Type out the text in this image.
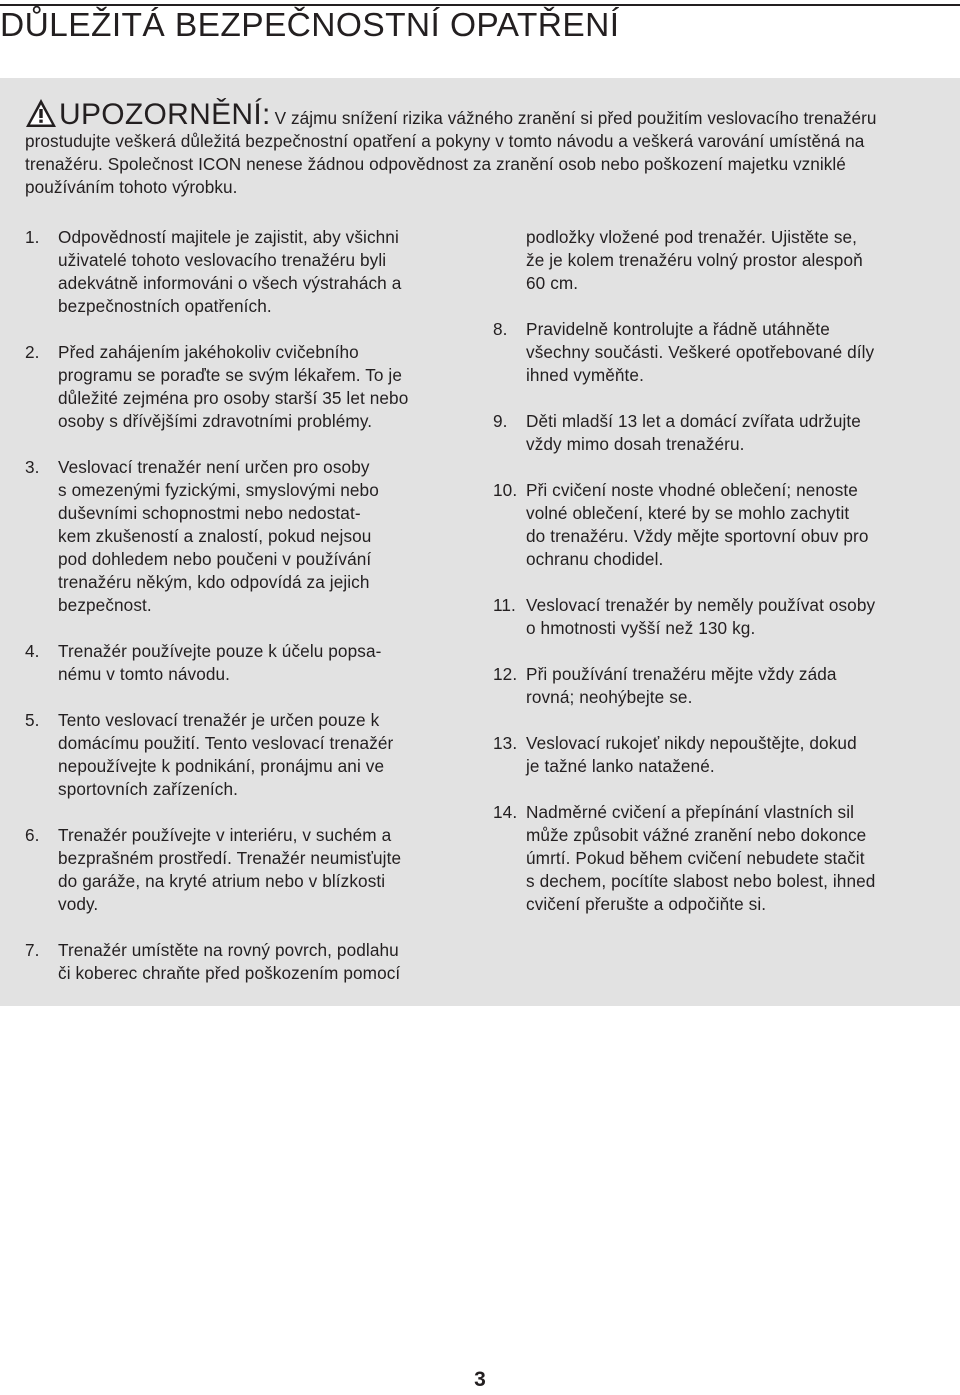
DŮLEŽITÁ BEZPEČNOSTNÍ OPATŘENÍ
UPOZORNĚNÍ: V zájmu snížení rizika vážného zranění si před použitím veslovacího trenažéru prostudujte veškerá důležitá bezpečnostní opatření a pokyny v tomto návodu a veškerá varování umístěná na trenažéru. Společnost ICON nenese žádnou odpovědnost za zranění osob nebo poškození majetku vzniklé používáním tohoto výrobku.
1. Odpovědností majitele je zajistit, aby všichni
uživatelé tohoto veslovacího trenažéru byli
adekvátně informováni o všech výstrahách a
bezpečnostních opatřeních.
2. Před zahájením jakéhokoliv cvičebního
programu se poraďte se svým lékařem. To je
důležité zejména pro osoby starší 35 let nebo
osoby s dřívějšími zdravotními problémy.
3. Veslovací trenažér není určen pro osoby
s omezenými fyzickými, smyslovými nebo
duševními schopnostmi nebo nedostat-
kem zkušeností a znalostí, pokud nejsou
pod dohledem nebo poučeni v používání
trenažéru někým, kdo odpovídá za jejich
bezpečnost.
4. Trenažér používejte pouze k účelu popsa-
nému v tomto návodu.
5. Tento veslovací trenažér je určen pouze k
domácímu použití. Tento veslovací trenažér
nepoužívejte k podnikání, pronájmu ani ve
sportovních zařízeních.
6. Trenažér používejte v interiéru, v suchém a
bezprašném prostředí. Trenažér neumisťujte
do garáže, na kryté atrium nebo v blízkosti
vody.
7. Trenažér umístěte na rovný povrch, podlahu
či koberec chraňte před poškozením pomocí
podložky vložené pod trenažér. Ujistěte se,
že je kolem trenažéru volný prostor alespoň
60 cm.
8. Pravidelně kontrolujte a řádně utáhněte
všechny součásti. Veškeré opotřebované díly
ihned vyměňte.
9. Děti mladší 13 let a domácí zvířata udržujte
vždy mimo dosah trenažéru.
10. Při cvičení noste vhodné oblečení; nenoste
volné oblečení, které by se mohlo zachytit
do trenažéru. Vždy mějte sportovní obuv pro
ochranu chodidel.
11. Veslovací trenažér by neměly používat osoby
o hmotnosti vyšší než 130 kg.
12. Při používání trenažéru mějte vždy záda
rovná; neohýbejte se.
13. Veslovací rukojeť nikdy nepouštějte, dokud
je tažné lanko natažené.
14. Nadměrné cvičení a přepínání vlastních sil
může způsobit vážné zranění nebo dokonce
úmrtí. Pokud během cvičení nebudete stačit
s dechem, pocítíte slabost nebo bolest, ihned
cvičení přerušte a odpočiňte si.
3
